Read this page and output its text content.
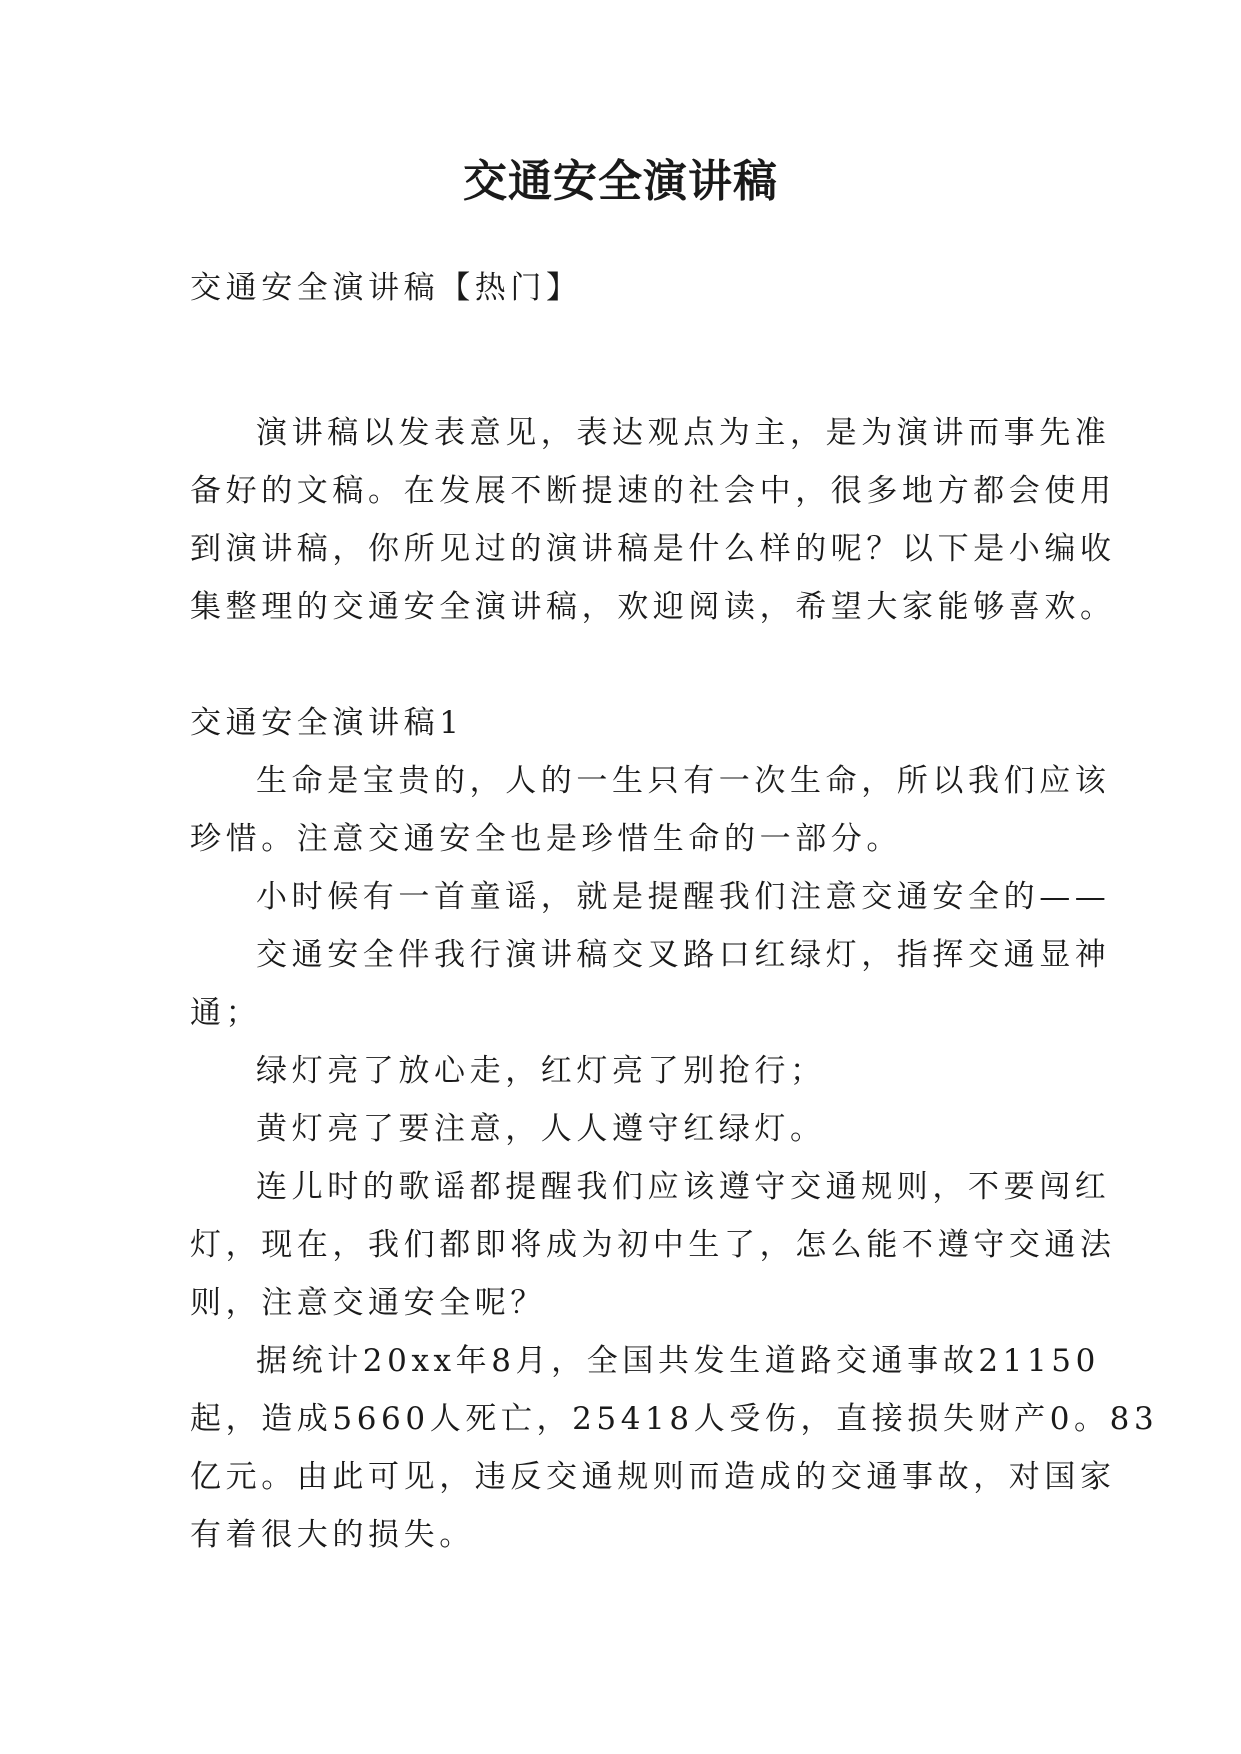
交通安全演讲稿

交通安全演讲稿【热门】

演讲稿以发表意见，表达观点为主，是为演讲而事先准

备好的文稿。在发展不断提速的社会中，很多地方都会使用

到演讲稿，你所见过的演讲稿是什么样的呢？以下是小编收

集整理的交通安全演讲稿，欢迎阅读，希望大家能够喜欢。

交通安全演讲稿1

生命是宝贵的，人的一生只有一次生命，所以我们应该

珍惜。注意交通安全也是珍惜生命的一部分。

小时候有一首童谣，就是提醒我们注意交通安全的——

交通安全伴我行演讲稿交叉路口红绿灯，指挥交通显神

通；

绿灯亮了放心走，红灯亮了别抢行；

黄灯亮了要注意，人人遵守红绿灯。

连儿时的歌谣都提醒我们应该遵守交通规则，不要闯红

灯，现在，我们都即将成为初中生了，怎么能不遵守交通法

则，注意交通安全呢？

据统计20xx年8月，全国共发生道路交通事故21150

起，造成5660人死亡，25418人受伤，直接损失财产0。83

亿元。由此可见，违反交通规则而造成的交通事故，对国家

有着很大的损失。
